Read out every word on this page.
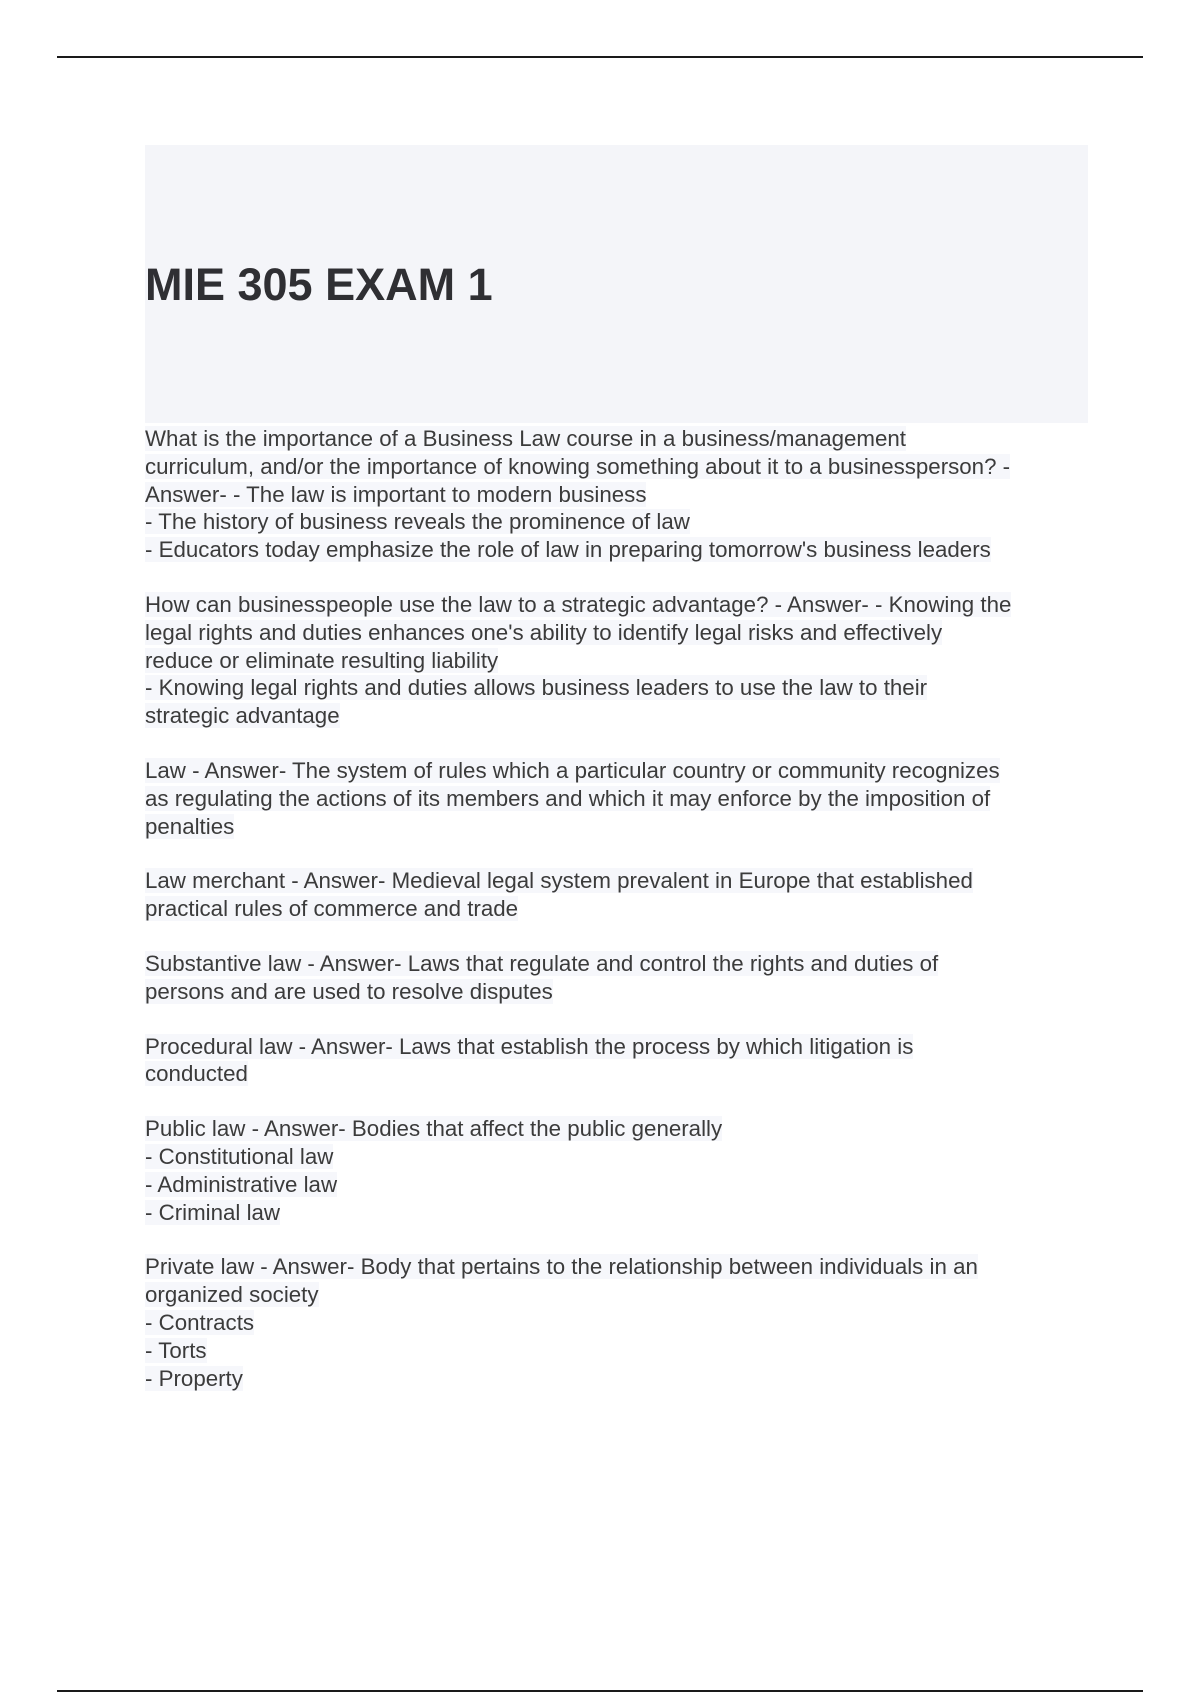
MIE 305 EXAM 1
What is the importance of a Business Law course in a business/management
curriculum, and/or the importance of knowing something about it to a businessperson? -
Answer- - The law is important to modern business
- The history of business reveals the prominence of law
- Educators today emphasize the role of law in preparing tomorrow's business leaders
How can businesspeople use the law to a strategic advantage? - Answer- - Knowing the
legal rights and duties enhances one's ability to identify legal risks and effectively
reduce or eliminate resulting liability
- Knowing legal rights and duties allows business leaders to use the law to their
strategic advantage
Law - Answer- The system of rules which a particular country or community recognizes
as regulating the actions of its members and which it may enforce by the imposition of
penalties
Law merchant - Answer- Medieval legal system prevalent in Europe that established
practical rules of commerce and trade
Substantive law - Answer- Laws that regulate and control the rights and duties of
persons and are used to resolve disputes
Procedural law - Answer- Laws that establish the process by which litigation is
conducted
Public law - Answer- Bodies that affect the public generally
- Constitutional law
- Administrative law
- Criminal law
Private law - Answer- Body that pertains to the relationship between individuals in an
organized society
- Contracts
- Torts
- Property
